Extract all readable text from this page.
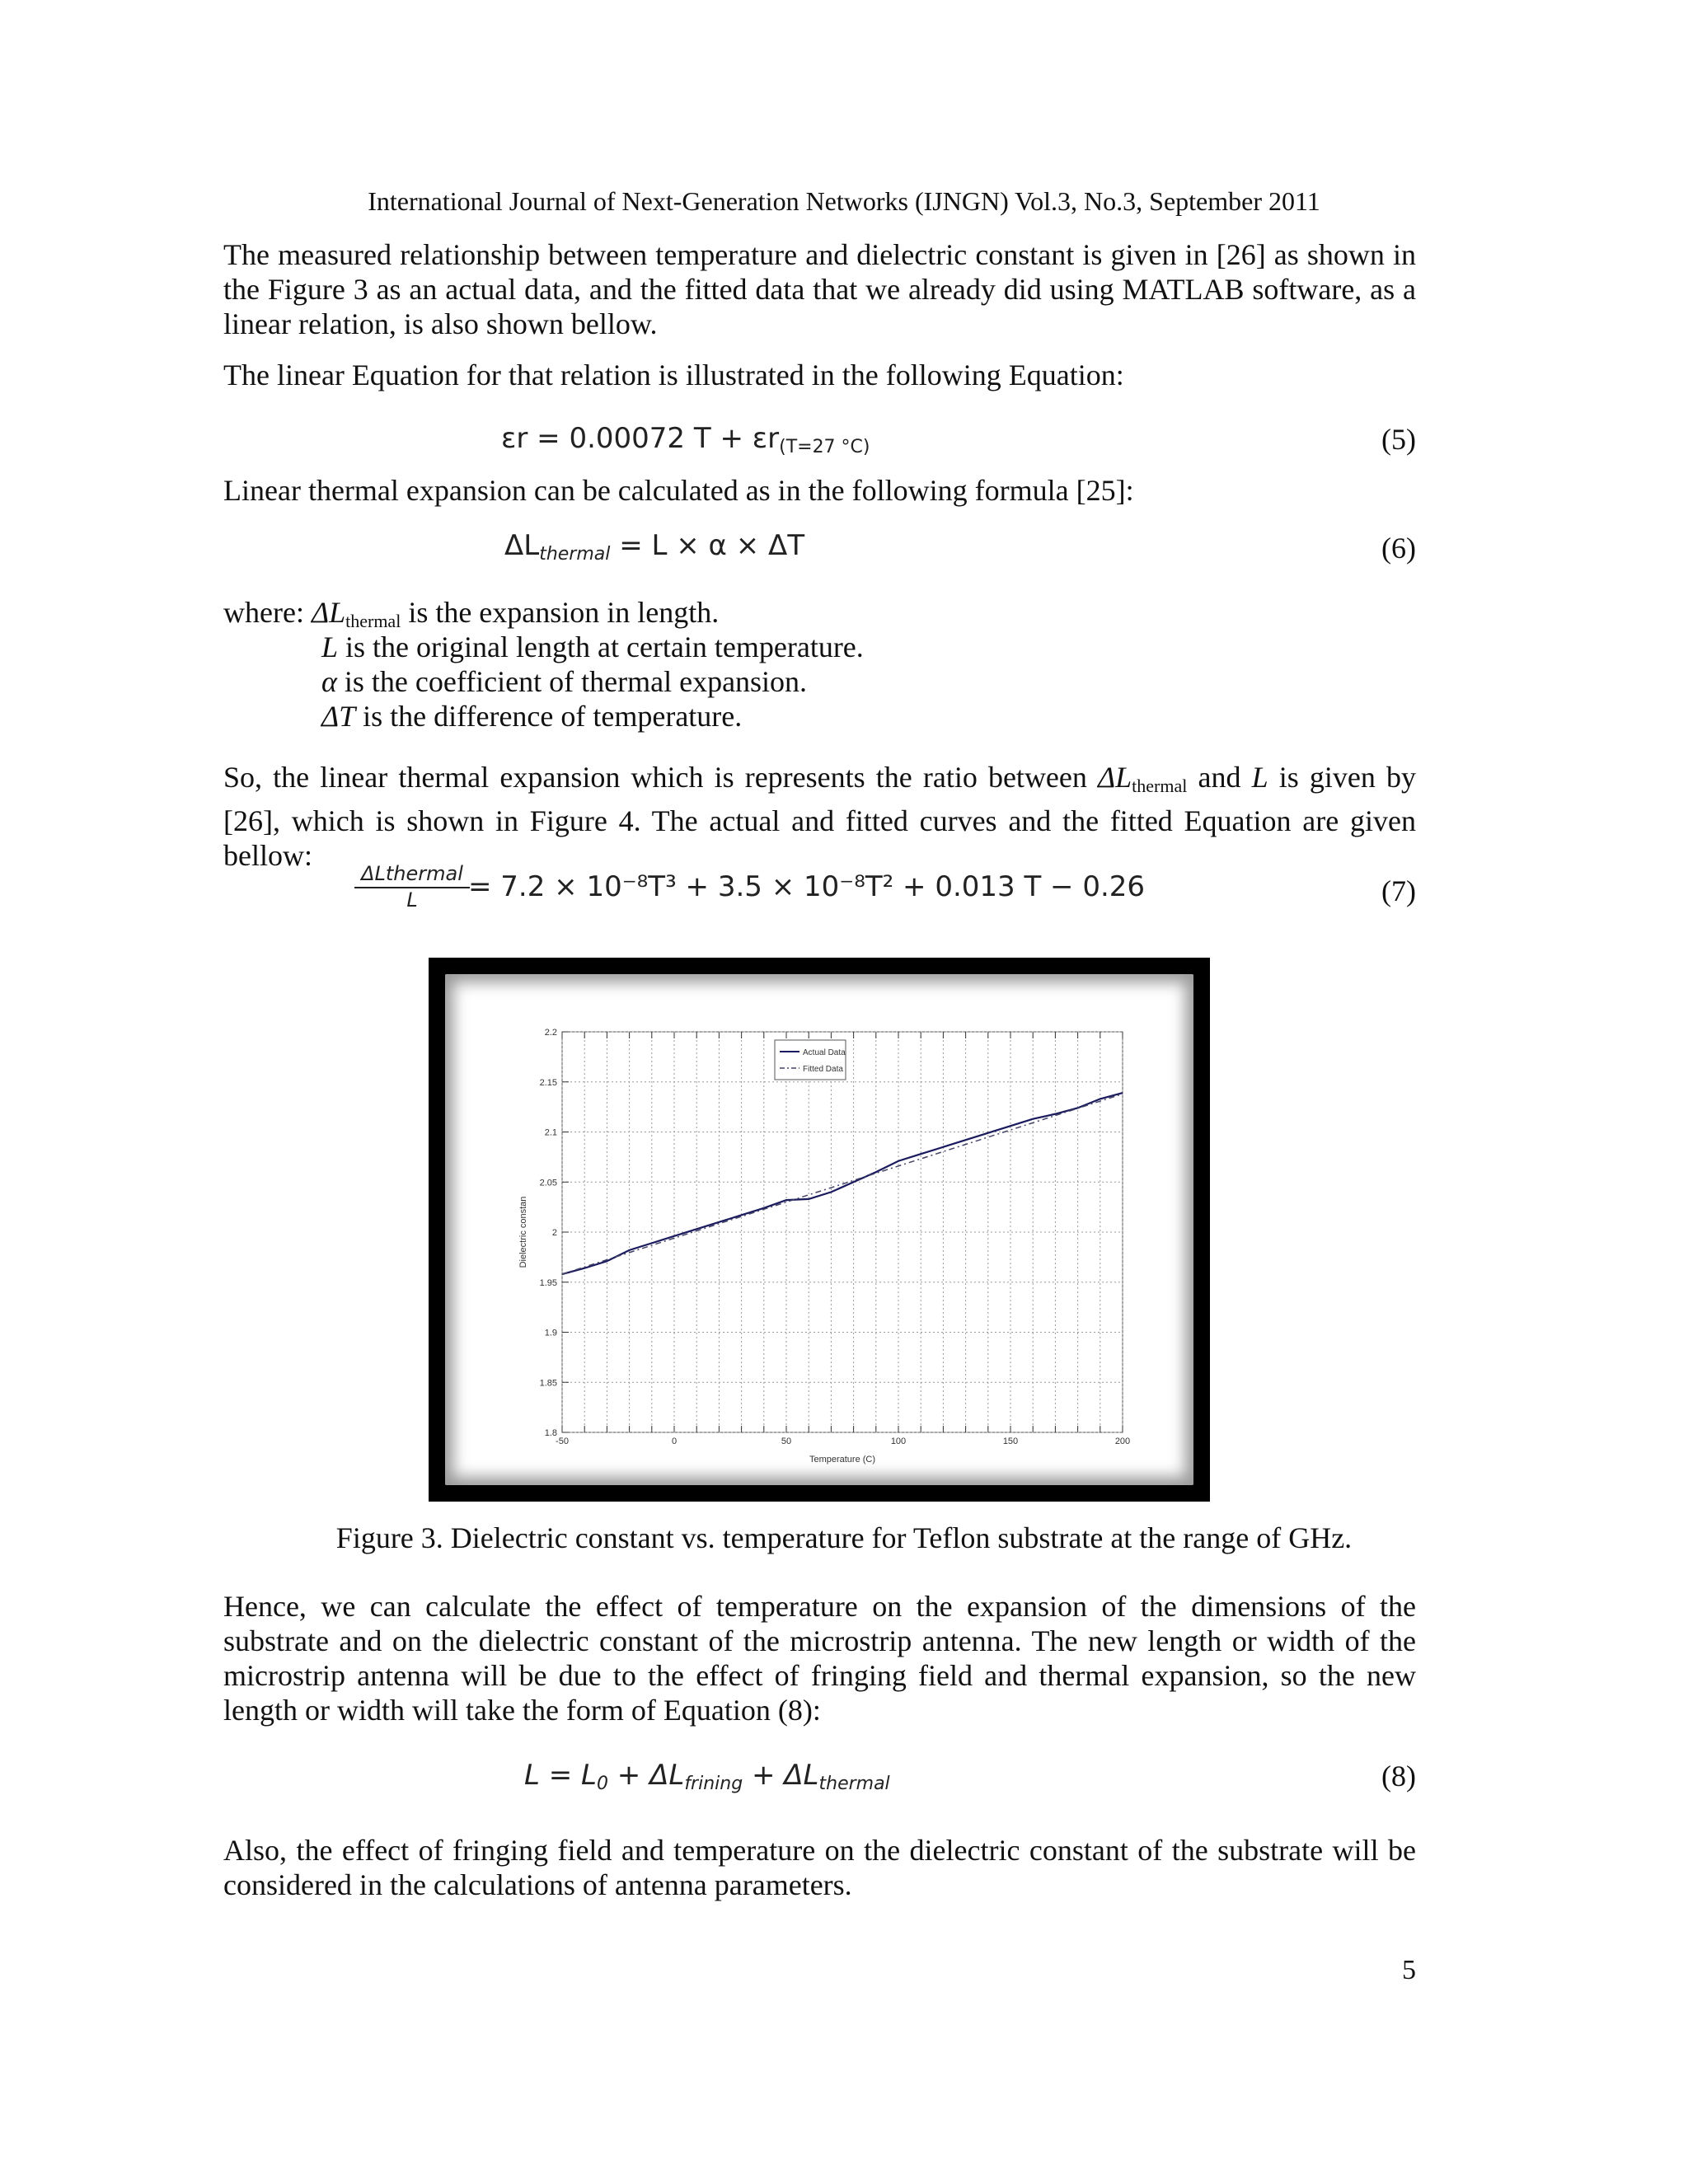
International Journal of Next-Generation Networks (IJNGN) Vol.3, No.3, September 2011

The measured relationship between temperature and dielectric constant is given in [26] as shown in the Figure 3 as an actual data, and the fitted data that we already did using MATLAB software, as a linear relation, is also shown bellow.

The linear Equation for that relation is illustrated in the following Equation:

εr = 0.00072 $T + \varepsilon r_{(T=27 ^\circ C)}$	(5)

Linear thermal expansion can be calculated as in the following formula [25]:

$\Delta L_{thermal} = L \times \alpha \times \Delta T$	(6)

where: $\Delta L_{thermal}$ is the expansion in length.

L is the original length at certain temperature.

α is the coefficient of thermal expansion.

ΔT is the difference of temperature.

So, the linear thermal expansion which is represents the ratio between $\Delta L_{thermal}$ and L is given by [26], which is shown in Figure 4. The actual and fitted curves and the fitted Equation are given bellow:

ΔLthermal
L	= 7.2 × 10⁻⁸T³ + 3.5 × 10⁻⁸T² + 0.013 T − 0.26	(7)
1.8
1.85
1.9
1.95
2
2.05
2.1
2.15
2.2
-50	0	50	100	150	200
Temperature (C)
Dielectric constan
Actual Data
Fitted Data
Figure 3. Dielectric constant vs. temperature for Teflon substrate at the range of GHz.

Hence, we can calculate the effect of temperature on the expansion of the dimensions of the substrate and on the dielectric constant of the microstrip antenna. The new length or width of the microstrip antenna will be due to the effect of fringing field and thermal expansion, so the new length or width will take the form of Equation (8):

$L = L_0 + \Delta L_{frining} + \Delta L_{thermal}$	(8)

Also, the effect of fringing field and temperature on the dielectric constant of the substrate will be considered in the calculations of antenna parameters.

5
